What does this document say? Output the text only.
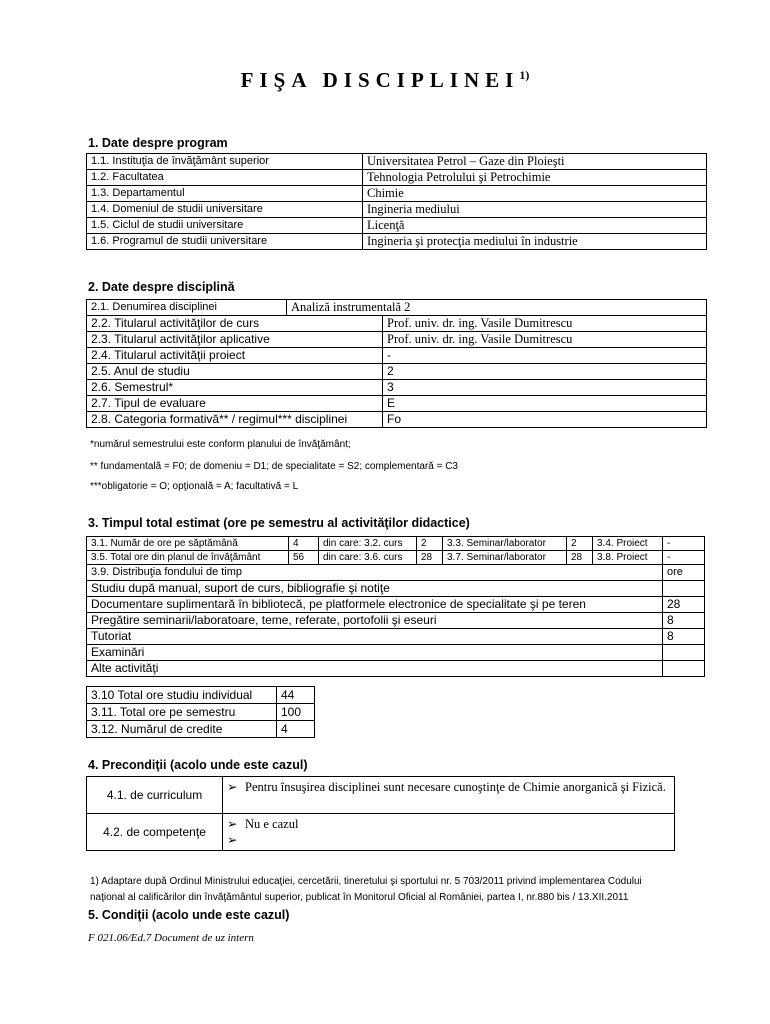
FIŞA DISCIPLINEI$^{1)}$
1. Date despre program
1.1. Instituţia de învăţământ superior	Universitatea Petrol – Gaze din Ploieşti
1.2. Facultatea	Tehnologia Petrolului şi Petrochimie
1.3. Departamentul	Chimie
1.4. Domeniul de studii universitare	Ingineria mediului
1.5. Ciclul de studii universitare	Licenţă
1.6. Programul de studii universitare	Ingineria şi protecţia mediului în industrie
2. Date despre disciplină
2.1. Denumirea disciplinei	Analiză instrumentală 2	
2.2. Titularul activităţilor de curs		Prof. univ. dr. ing. Vasile Dumitrescu
2.3. Titularul activităţilor aplicative		Prof. univ. dr. ing. Vasile Dumitrescu
2.4. Titularul activităţii proiect		-
2.5. Anul de studiu		2
2.6. Semestrul*		3
2.7. Tipul de evaluare		E
2.8. Categoria formativă** / regimul*** disciplinei		Fo
*numărul semestrului este conform planului de învăţământ;
** fundamentală = F0; de domeniu = D1; de specialitate = S2; complementară = C3
***obligatorie = O; opţională = A; facultativă = L
3. Timpul total estimat (ore pe semestru al activităţilor didactice)
3.1. Număr de ore pe săptămână	4	din care: 3.2. curs	2	3.3. Seminar/laborator	2	3.4. Proiect	-
3.5. Total ore din planul de învăţământ	56	din care: 3.6. curs	28	3.7. Seminar/laborator	28	3.8. Proiect	-
3.9. Distribuţia fondului de timp							ore
Studiu după manual, suport de curs, bibliografie şi notiţe							
Documentare suplimentară în bibliotecă, pe platformele electronice de specialitate şi pe teren							28
Pregătire seminarii/laboratoare, teme, referate, portofolii şi eseuri							8
Tutoriat							8
Examinări							
Alte activităţi							
3.10 Total ore studiu individual	44
3.11. Total ore pe semestru	100
3.12. Numărul de credite	4
4. Precondiţii (acolo unde este cazul)
4.1. de curriculum	➢ Pentru însuşirea disciplinei sunt necesare cunoştinţe de Chimie anorganică şi Fizică.

4.2. de competenţe	➢ Nu e cazul
➢
1) Adaptare după Ordinul Ministrului educaţiei, cercetării, tineretului şi sportului nr. 5 703/2011 privind implementarea Codului
naţional al calificărilor din învăţământul superior, publicat în Monitorul Oficial al României, partea I, nr.880 bis / 13.XII.2011
5. Condiţii (acolo unde este cazul)
F 021.06/Ed.7 Document de uz intern
